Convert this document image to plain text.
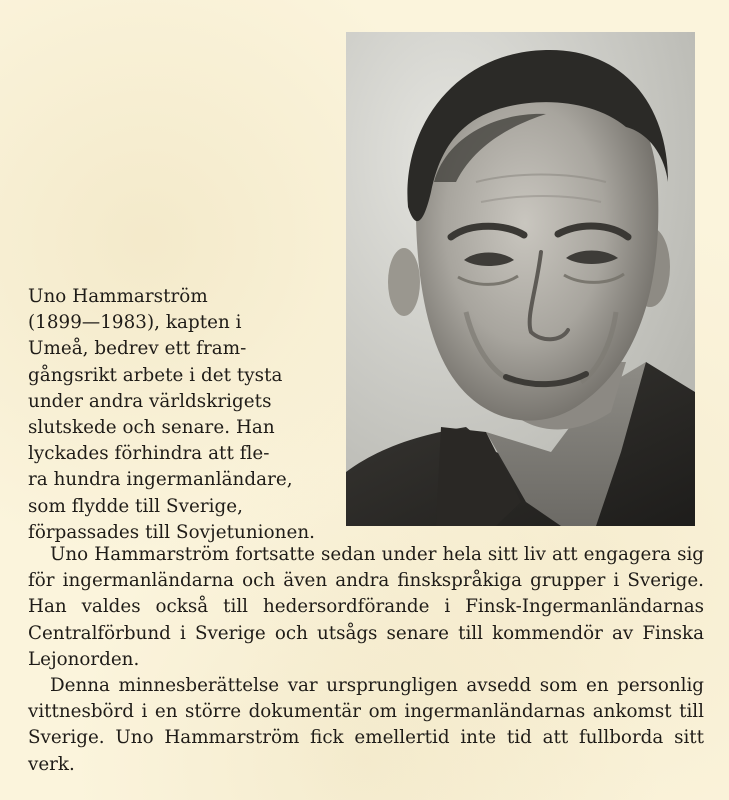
Uno Hammarström
(1899—1983), kapten i
Umeå, bedrev ett fram-
gångsrikt arbete i det tysta
under andra världskrigets
slutskede och senare. Han
lyckades förhindra att fle-
ra hundra ingermanländare,
som flydde till Sverige,
förpassades till Sovjetunionen.
Uno Hammarström fortsatte sedan under hela sitt liv att engagera sig
för ingermanländarna och även andra finskspråkiga grupper i Sverige.
Han valdes också till hedersordförande i Finsk-Ingermanländarnas
Centralförbund i Sverige och utsågs senare till kommendör av Finska
Lejonorden.
Denna minnesberättelse var ursprungligen avsedd som en personlig
vittnesbörd i en större dokumentär om ingermanländarnas ankomst till
Sverige. Uno Hammarström fick emellertid inte tid att fullborda sitt
verk.
